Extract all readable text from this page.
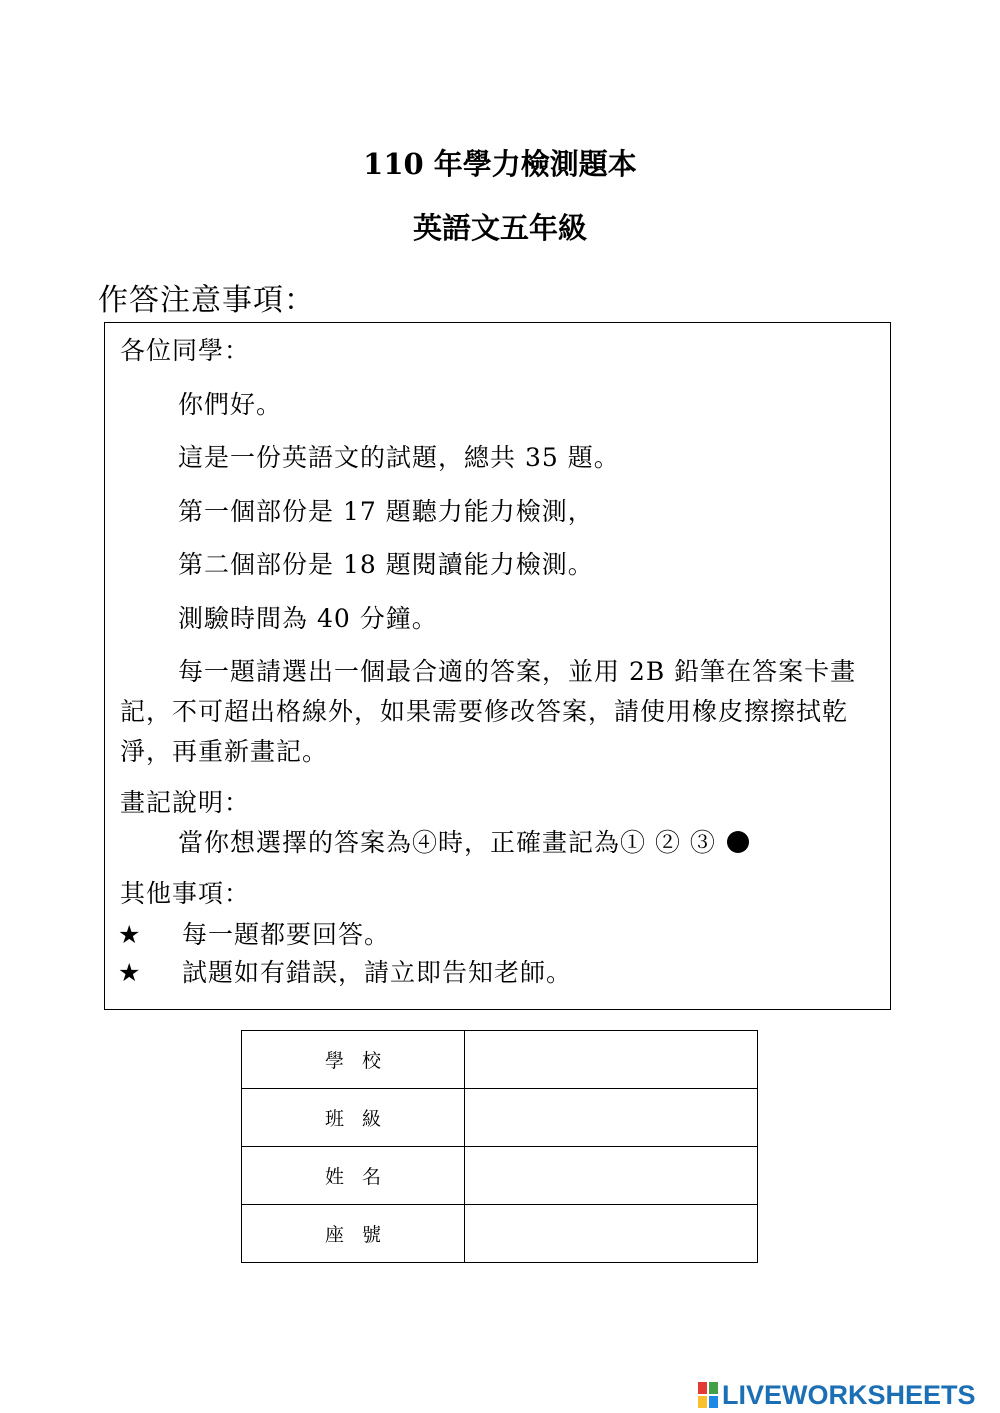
110 年學力檢測題本
英語文五年級
作答注意事項：
各位同學：
你們好。
這是一份英語文的試題，總共 35 題。
第一個部份是 17 題聽力能力檢測，
第二個部份是 18 題閱讀能力檢測。
測驗時間為 40 分鐘。
每一題請選出一個最合適的答案，並用 2B 鉛筆在答案卡畫記，不可超出格線外，如果需要修改答案，請使用橡皮擦擦拭乾淨，再重新畫記。
畫記說明：
當你想選擇的答案為④時，正確畫記為① ② ③
其他事項：
★ 每一題都要回答。
★ 試題如有錯誤，請立即告知老師。
學校	
班級	
姓名	
座號	
LIVEWORKSHEETS
